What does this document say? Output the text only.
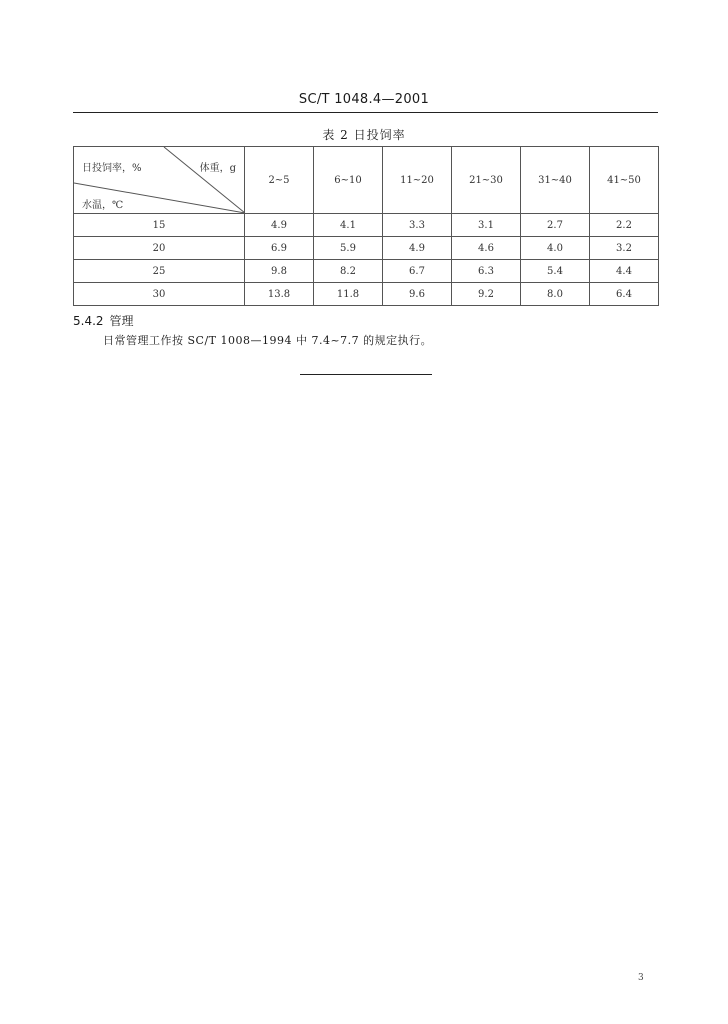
SC/T 1048.4—2001
表 2 日投饲率
日投饲率，% 体重，g
水温，℃	2~5	6~10	11~20	21~30	31~40	41~50
15	4.9	4.1	3.3	3.1	2.7	2.2
20	6.9	5.9	4.9	4.6	4.0	3.2
25	9.8	8.2	6.7	6.3	5.4	4.4
30	13.8	11.8	9.6	9.2	8.0	6.4
5.4.2 管理
日常管理工作按 SC/T 1008—1994 中 7.4~7.7 的规定执行。
3
